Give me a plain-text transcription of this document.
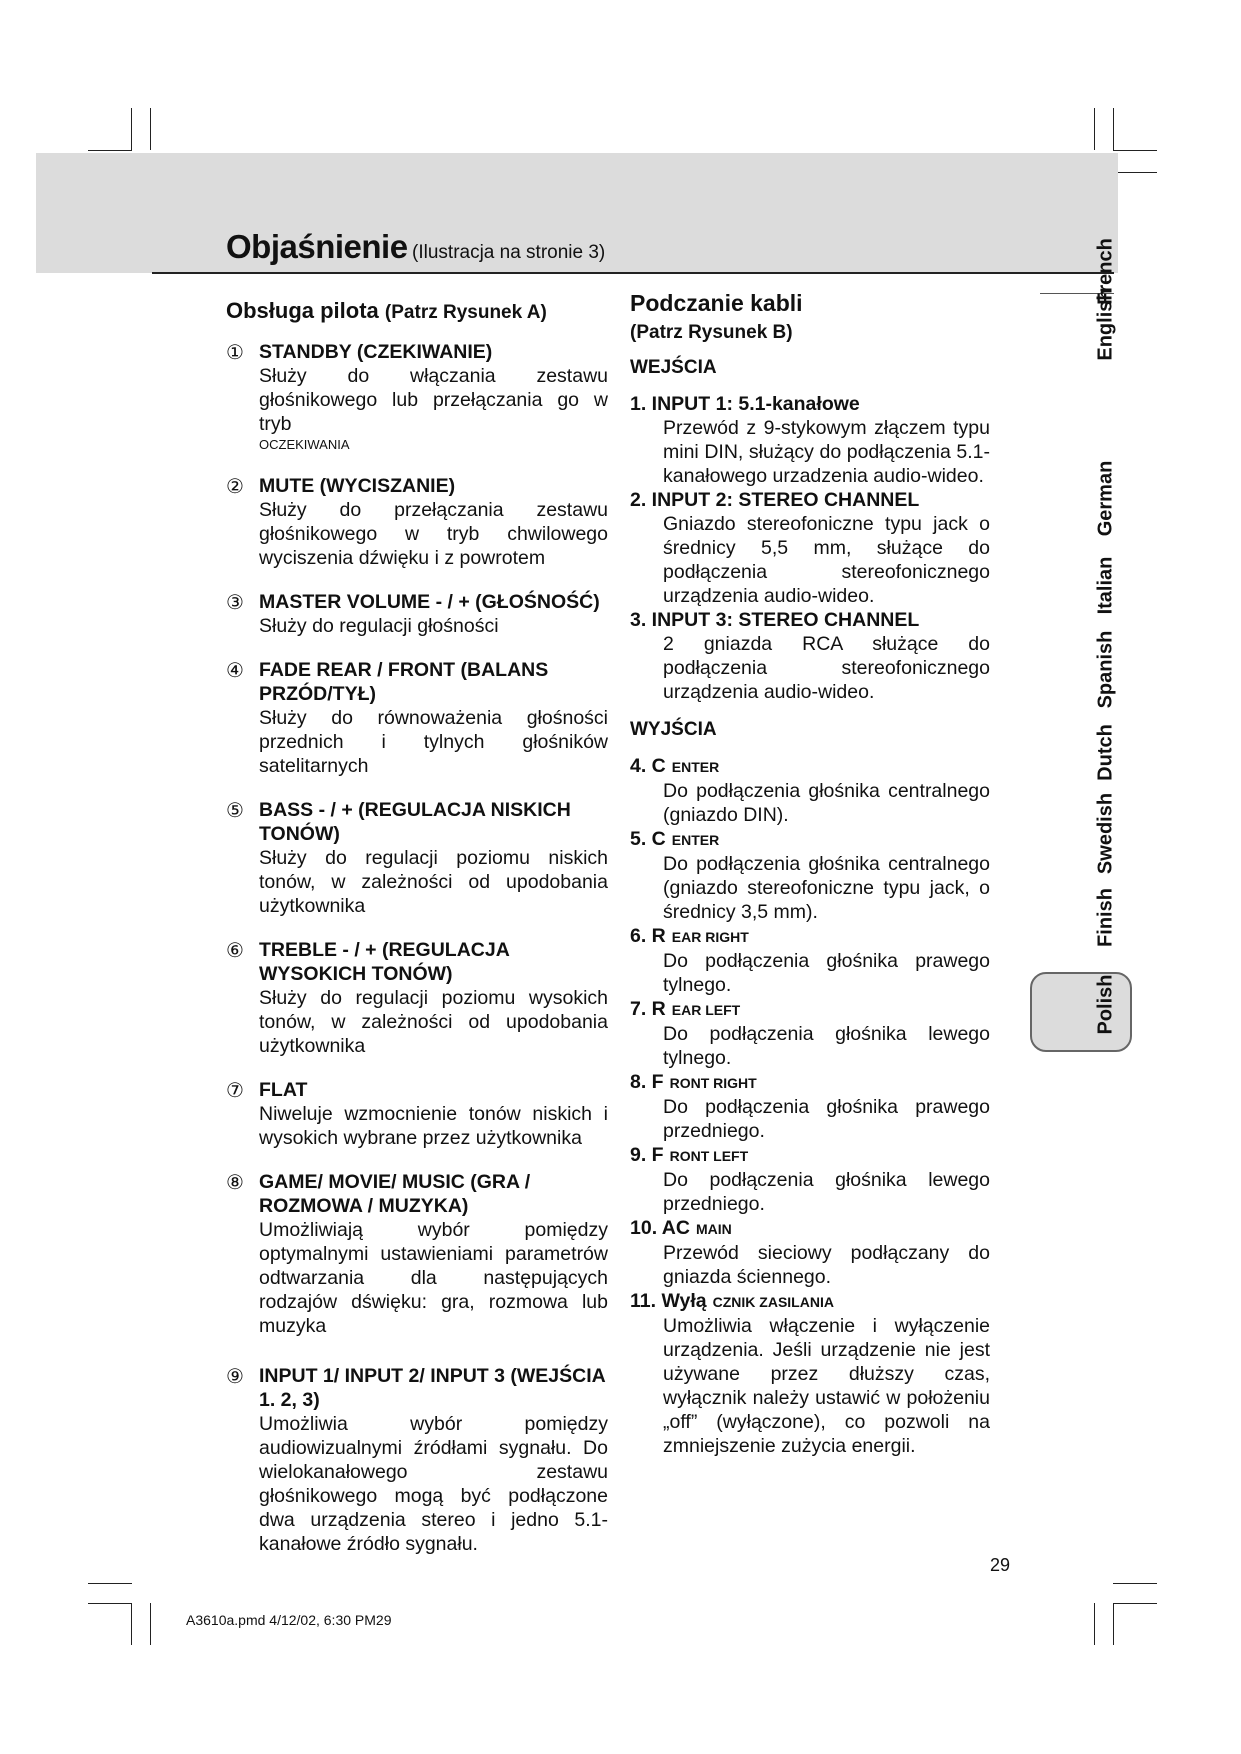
Objaśnienie (Ilustracja na stronie 3)
Obsługa pilota (Patrz Rysunek A)
① STANDBY (CZEKIWANIE)
Służy do włączania zestawu głośnikowego lub przełączania go w tryb
OCZEKIWANIA
② MUTE (WYCISZANIE)
Służy do przełączania zestawu głośnikowego w tryb chwilowego wyciszenia dźwięku i z powrotem
③ MASTER VOLUME - / + (GŁOŚNOŚĆ)
Służy do regulacji głośności
④ FADE REAR / FRONT (BALANS PRZÓD/TYŁ)
Służy do równoważenia głośności przednich i tylnych głośników satelitarnych
⑤ BASS - / + (REGULACJA NISKICH TONÓW)
Służy do regulacji poziomu niskich tonów, w zależności od upodobania użytkownika
⑥ TREBLE - / + (REGULACJA WYSOKICH TONÓW)
Służy do regulacji poziomu wysokich tonów, w zależności od upodobania użytkownika
⑦ FLAT
Niweluje wzmocnienie tonów niskich i wysokich wybrane przez użytkownika
⑧ GAME/ MOVIE/ MUSIC (GRA / ROZMOWA / MUZYKA)
Umożliwiają wybór pomiędzy optymalnymi ustawieniami parametrów odtwarzania dla następujących rodzajów dświęku: gra, rozmowa lub muzyka
⑨ INPUT 1/ INPUT 2/ INPUT 3 (WEJŚCIA 1. 2, 3)
Umożliwia wybór pomiędzy audiowizualnymi źródłami sygnału. Do wielokanałowego zestawu głośnikowego mogą być podłączone dwa urządzenia stereo i jedno 5.1-kanałowe źródło sygnału.
Podczanie kabli
(Patrz Rysunek B)
WEJŚCIA
1. INPUT 1: 5.1-kanałowe
Przewód z 9-stykowym złączem typu mini DIN, służący do podłączenia 5.1-kanałowego urzadzenia audio-wideo.
2. INPUT 2: STEREO CHANNEL
Gniazdo stereofoniczne typu jack o średnicy 5,5 mm, służące do podłączenia stereofonicznego urządzenia audio-wideo.
3. INPUT 3: STEREO CHANNEL
2 gniazda RCA służące do podłączenia stereofonicznego urządzenia audio-wideo.
WYJŚCIA
4. C ENTER
Do podłączenia głośnika centralnego (gniazdo DIN).
5. C ENTER
Do podłączenia głośnika centralnego (gniazdo stereofoniczne typu jack, o średnicy 3,5 mm).
6. R EAR RIGHT
Do podłączenia głośnika prawego tylnego.
7. R EAR LEFT
Do podłączenia głośnika lewego tylnego.
8. F RONT RIGHT
Do podłączenia głośnika prawego przedniego.
9. F RONT LEFT
Do podłączenia głośnika lewego przedniego.
10. AC MAIN
Przewód sieciowy podłączany do gniazda ściennego.
11. Wyłą CZNIK ZASILANIA
Umożliwia włączenie i wyłączenie urządzenia. Jeśli urządzenie nie jest używane przez dłuższy czas, wyłącznik należy ustawić w położeniu „off” (wyłączone), co pozwoli na zmniejszenie zużycia energii.
French
English
German
Italian
Spanish
Dutch
Swedish
Finish
Polish
29
A3610a.pmd 4/12/02, 6:30 PM29
